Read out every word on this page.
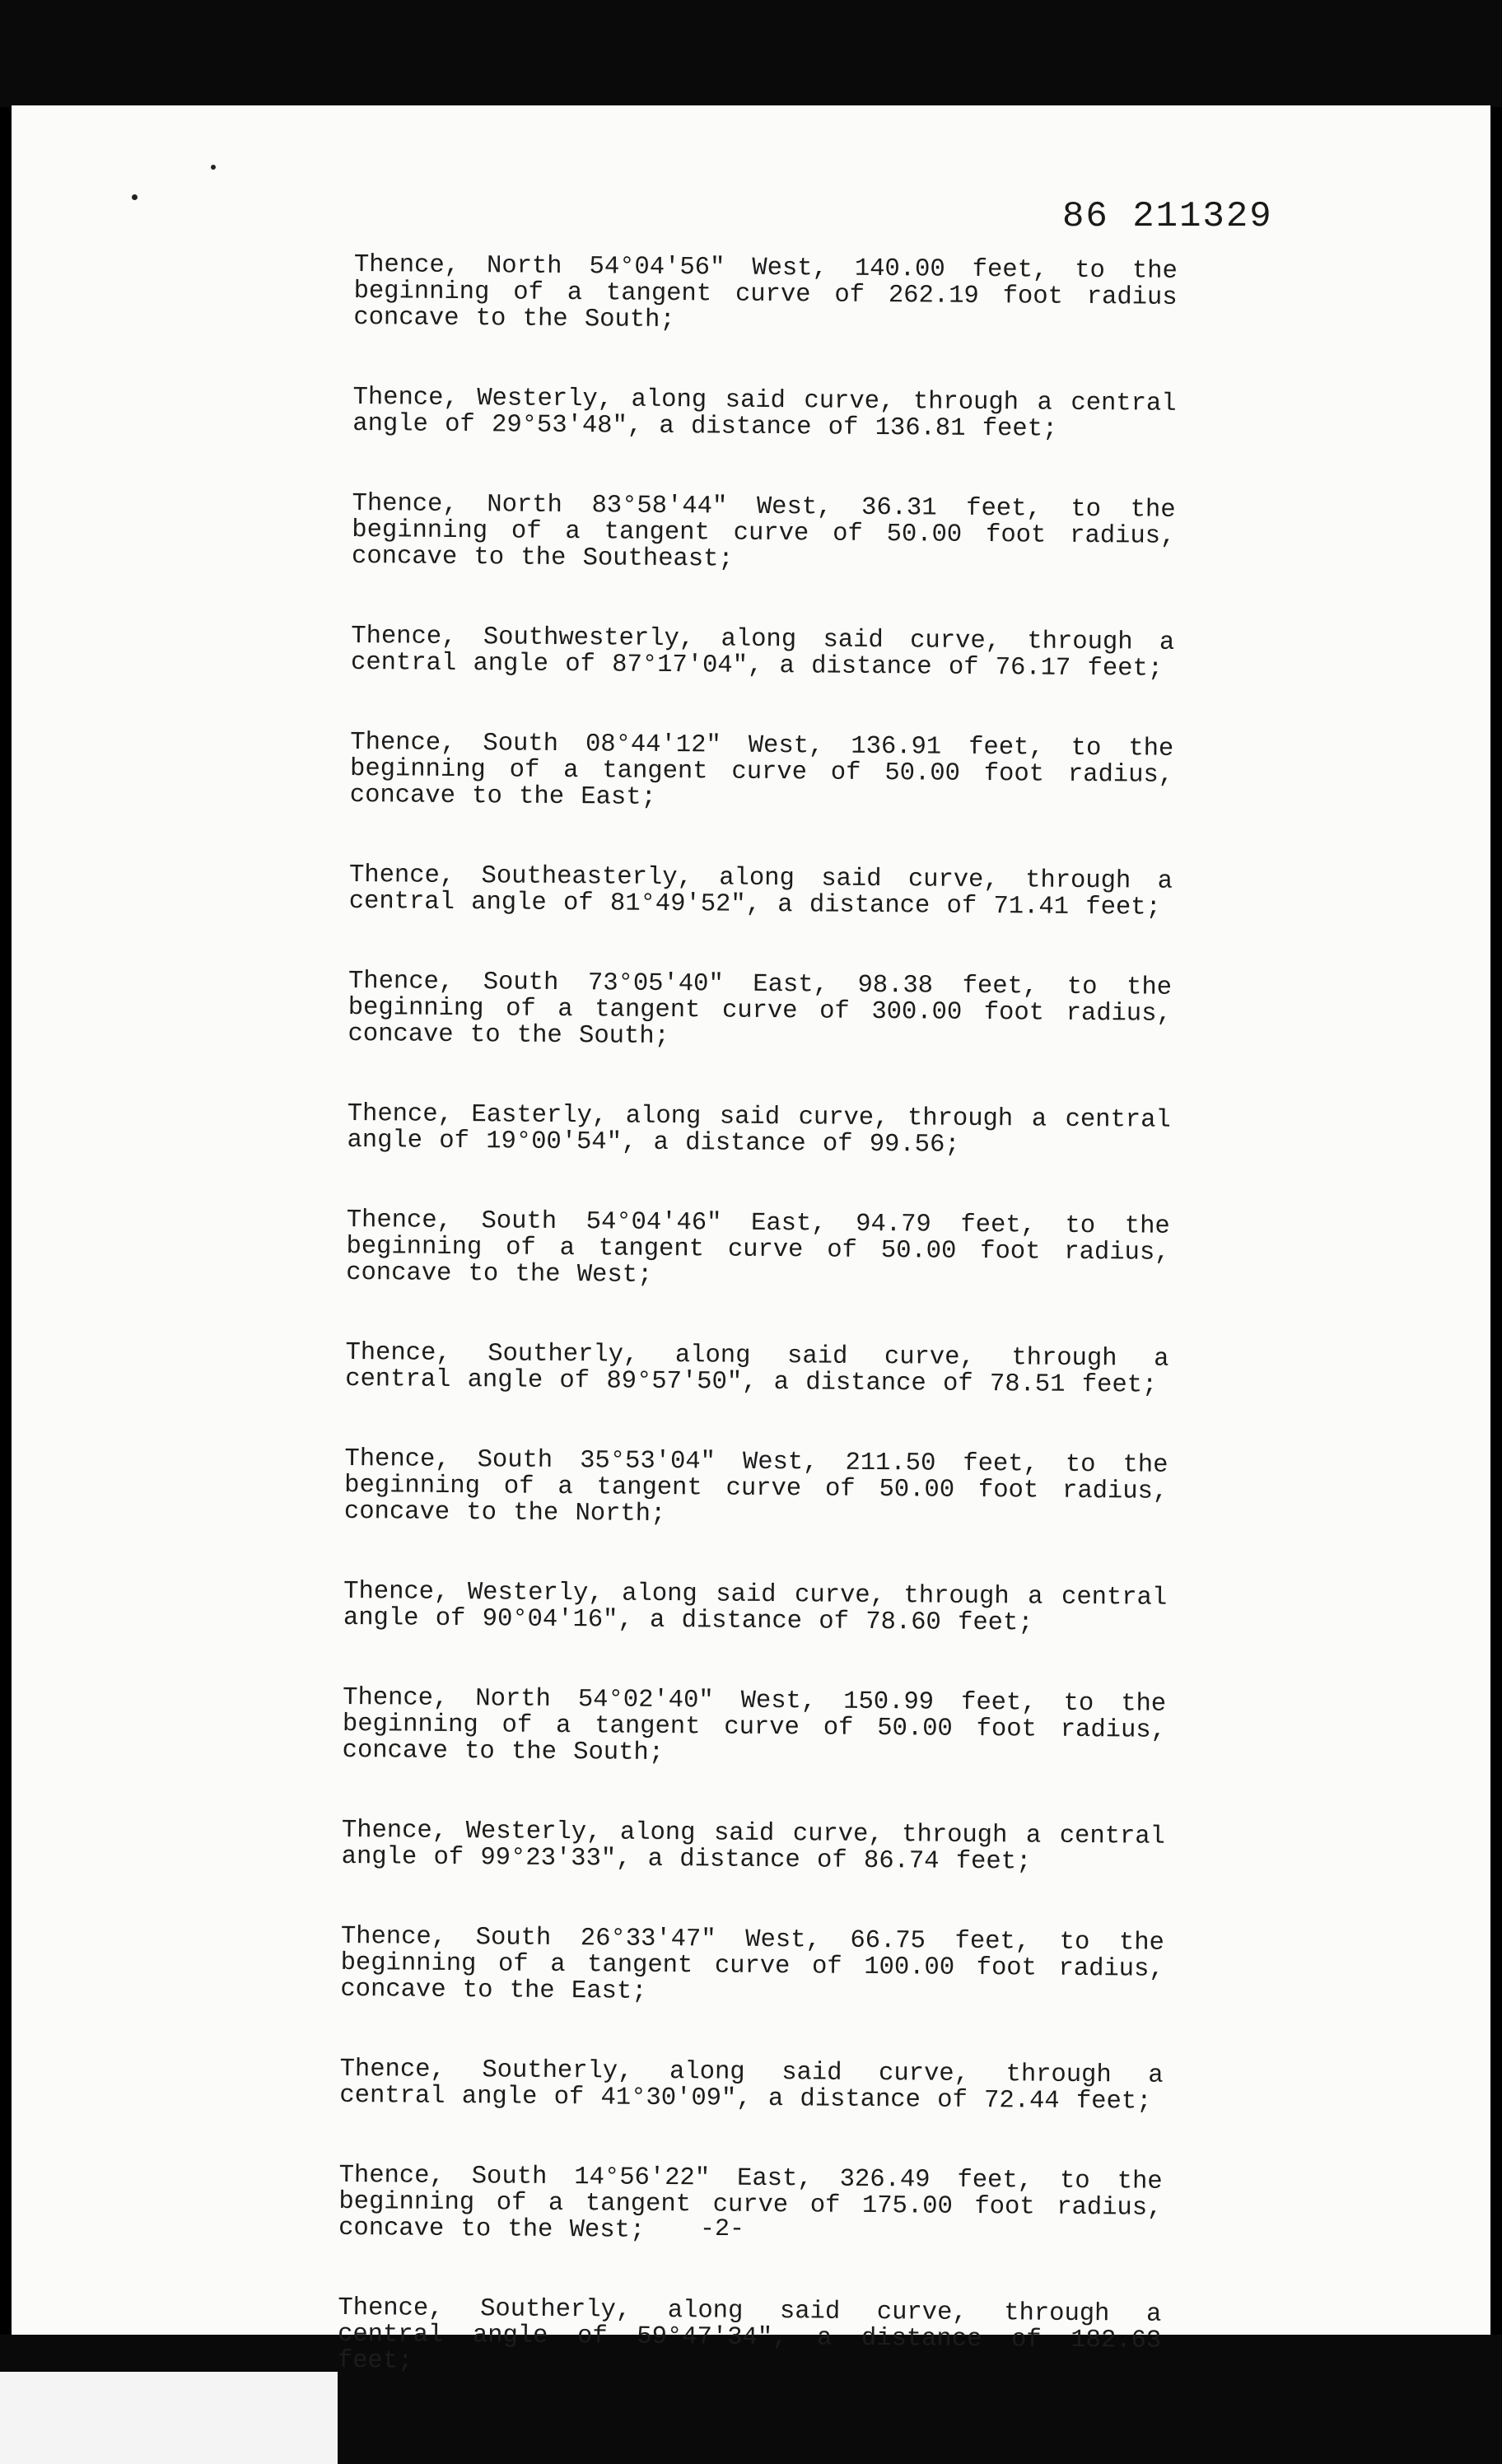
86 211329

Thence, North 54°04'56" West, 140.00 feet, to the beginning of a tangent curve of 262.19 foot radius concave to the South;

Thence, Westerly, along said curve, through a central angle of 29°53'48", a distance of 136.81 feet;

Thence, North 83°58'44" West, 36.31 feet, to the beginning of a tangent curve of 50.00 foot radius, concave to the Southeast;

Thence, Southwesterly, along said curve, through a central angle of 87°17'04", a distance of 76.17 feet;

Thence, South 08°44'12" West, 136.91 feet, to the beginning of a tangent curve of 50.00 foot radius, concave to the East;

Thence, Southeasterly, along said curve, through a central angle of 81°49'52", a distance of 71.41 feet;

Thence, South 73°05'40" East, 98.38 feet, to the beginning of a tangent curve of 300.00 foot radius, concave to the South;

Thence, Easterly, along said curve, through a central angle of 19°00'54", a distance of 99.56;

Thence, South 54°04'46" East, 94.79 feet, to the beginning of a tangent curve of 50.00 foot radius, concave to the West;

Thence, Southerly, along said curve, through a central angle of 89°57'50", a distance of 78.51 feet;

Thence, South 35°53'04" West, 211.50 feet, to the beginning of a tangent curve of 50.00 foot radius, concave to the North;

Thence, Westerly, along said curve, through a central angle of 90°04'16", a distance of 78.60 feet;

Thence, North 54°02'40" West, 150.99 feet, to the beginning of a tangent curve of 50.00 foot radius, concave to the South;

Thence, Westerly, along said curve, through a central angle of 99°23'33", a distance of 86.74 feet;

Thence, South 26°33'47" West, 66.75 feet, to the beginning of a tangent curve of 100.00 foot radius, concave to the East;

Thence, Southerly, along said curve, through a central angle of 41°30'09", a distance of 72.44 feet;

Thence, South 14°56'22" East, 326.49 feet, to the beginning of a tangent curve of 175.00 foot radius, concave to the West;

Thence, Southerly, along said curve, through a central angle of 59°47'34", a distance of 182.63 feet;

-2-
